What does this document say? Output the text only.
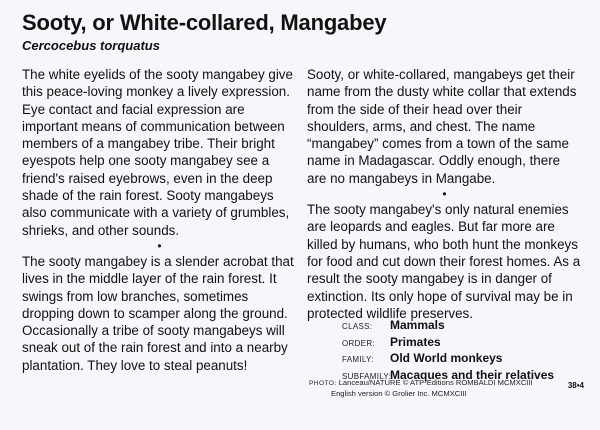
Sooty, or White-collared, Mangabey
Cercocebus torquatus

The white eyelids of the sooty mangabey give this peace-loving monkey a lively expression. Eye contact and facial expression are important means of communication between members of a mangabey tribe. Their bright eyespots help one sooty mangabey see a friend's raised eyebrows, even in the deep shade of the rain forest. Sooty mangabeys also communicate with a variety of grumbles, shrieks, and other sounds.

•

The sooty mangabey is a slender acrobat that lives in the middle layer of the rain forest. It swings from low branches, sometimes dropping down to scamper along the ground. Occasionally a tribe of sooty mangabeys will sneak out of the rain forest and into a nearby plantation. They love to steal peanuts!

Sooty, or white-collared, mangabeys get their name from the dusty white collar that extends from the side of their head over their shoulders, arms, and chest. The name “mangabey” comes from a town of the same name in Madagascar. Oddly enough, there are no mangabeys in Mangabe.

•

The sooty mangabey's only natural enemies are leopards and eagles. But far more are killed by humans, who both hunt the monkeys for food and cut down their forest homes. As a result the sooty mangabey is in danger of extinction. Its only hope of survival may be in protected wildlife preserves.

CLASS:	Mammals
ORDER:	Primates
FAMILY:	Old World monkeys
SUBFAMILY:
Macaques and their relatives
PHOTO: Lanceau/NATURE © ATP-Editions ROMBALDI MCMXCIII
English version © Grolier Inc. MCMXCIII
38•4
